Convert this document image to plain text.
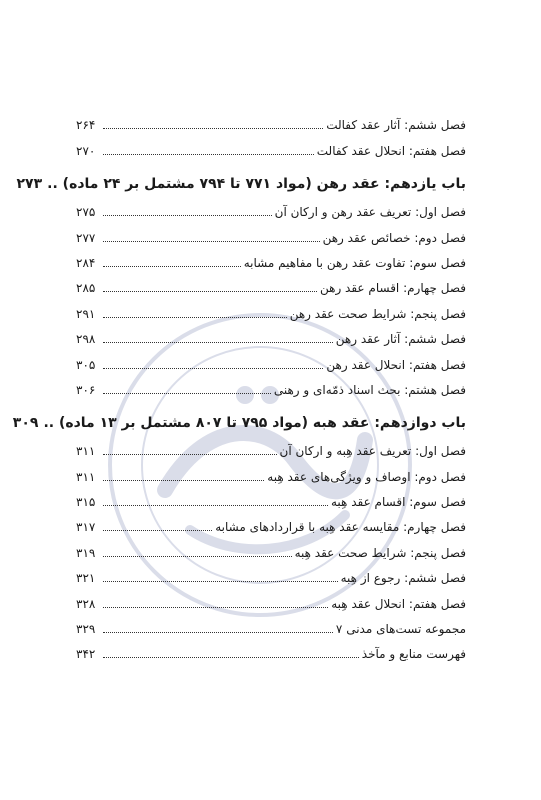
فصل ششم: آثار عقد کفالت
۲۶۴
فصل هفتم: انحلال عقد کفالت
۲۷۰
باب یازدهم: عقد رهن (مواد ۷۷۱ تا ۷۹۴ مشتمل بر ۲۴ ماده) ..
۲۷۳
فصل اول: تعریف عقد رهن و ارکان آن
۲۷۵
فصل دوم: خصائص عقد رهن
۲۷۷
فصل سوم: تفاوت عقد رهن با مفاهیم مشابه
۲۸۴
فصل چهارم: اقسام عقد رهن
۲۸۵
فصل پنجم: شرایط صحت عقد رهن
۲۹۱
فصل ششم: آثار عقد رهن
۲۹۸
فصل هفتم: انحلال عقد رهن
۳۰۵
فصل هشتم: بحث اسناد ذمّه‌ای و رهنی
۳۰۶
باب دوازدهم: عقد هبه (مواد ۷۹۵ تا ۸۰۷ مشتمل بر ۱۳ ماده) ..
۳۰۹
فصل اول: تعریف عقد هِبه و ارکان آن
۳۱۱
فصل دوم: اوصاف و ویژگی‌های عقد هِبه
۳۱۱
فصل سوم: اقسام عقد هِبه
۳۱۵
فصل چهارم: مقایسه عقد هِبه با قراردادهای مشابه
۳۱۷
فصل پنجم: شرایط صحت عقد هِبه
۳۱۹
فصل ششم: رجوع از هِبه
۳۲۱
فصل هفتم: انحلال عقد هِبه
۳۲۸
مجموعه تست‌های مدنی ۷
۳۲۹
فهرست منابع و مآخذ
۳۴۲
